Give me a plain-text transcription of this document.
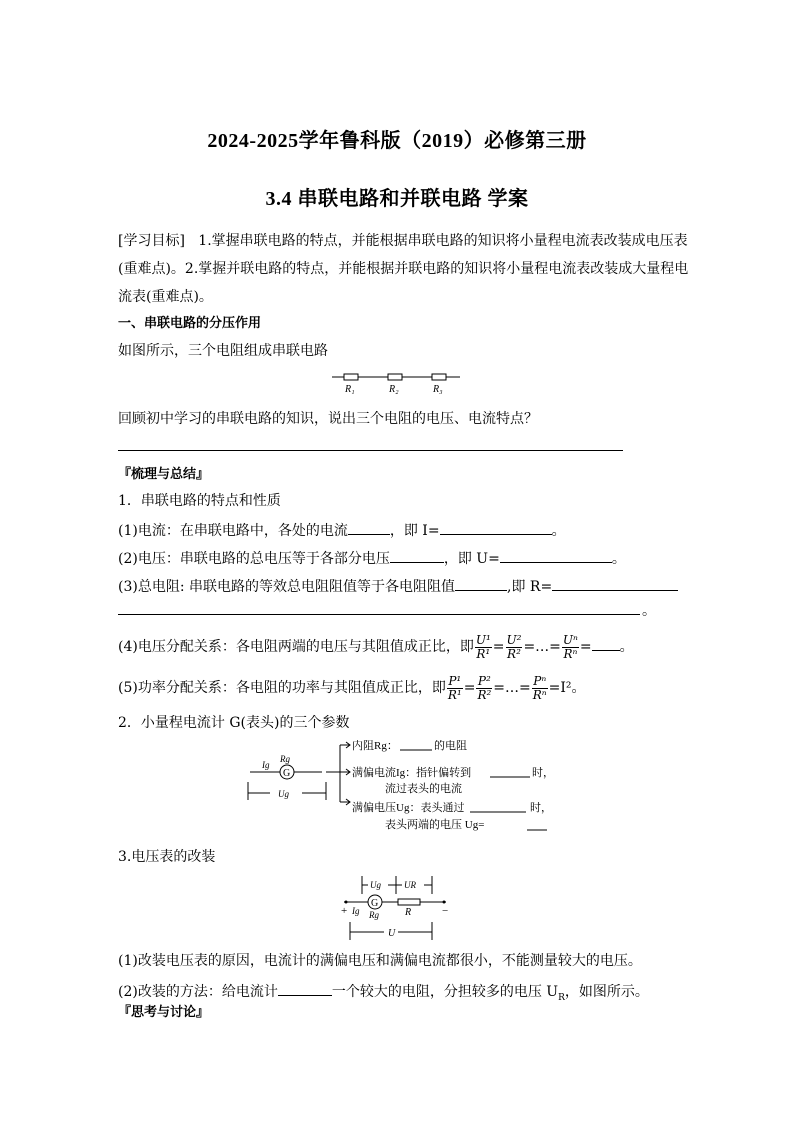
2024-2025学年鲁科版（2019）必修第三册
3.4 串联电路和并联电路 学案
[学习目标] 1.掌握串联电路的特点，并能根据串联电路的知识将小量程电流表改装成电压表
(重难点)。2.掌握并联电路的特点，并能根据并联电路的知识将小量程电流表改装成大量程电
流表(重难点)。
一、串联电路的分压作用
如图所示，三个电阻组成串联电路
R₁	R₂	R₃
回顾初中学习的串联电路的知识，说出三个电阻的电压、电流特点？
『梳理与总结』
1．串联电路的特点和性质
(1)电流：在串联电路中，各处的电流	，即 I=	。
(2)电压：串联电路的总电压等于各部分电压	，即 U=	。
(3)总电阻: 串联电路的等效总电阻阻值等于各电阻阻值	,即 R=
。
(4)电压分配关系：各电阻两端的电压与其阻值成正比，即 $\frac{\text{U¹}}{\text{R¹}} = \frac{\text{U²}}{\text{R²}}$ =…= $\frac{\text{Uⁿ}}{\text{Rⁿ}}$ = 。
(5)功率分配关系：各电阻的功率与其阻值成正比，即 $\frac{\text{P¹}}{\text{R¹}} = \frac{\text{P²}}{\text{R²}}$ =…= $\frac{\text{Pⁿ}}{\text{Rⁿ}} =I^2$。
2．小量程电流计 G(表头)的三个参数
G
Ig
Rg
Ug
内阻Rg：	的电阻
满偏电流Ig：指针偏转到	时，
流过表头的电流
满偏电压Ug：表头通过	时，
表头两端的电压 Ug=
3.电压表的改装
Ug	UR
G
+	−
Ig Rg	R
U
(1)改装电压表的原因，电流计的满偏电压和满偏电流都很小，不能测量较大的电压。
(2)改装的方法：给电流计	一个较大的电阻，分担较多的电压 $U_R$，如图所示。
『思考与讨论』
